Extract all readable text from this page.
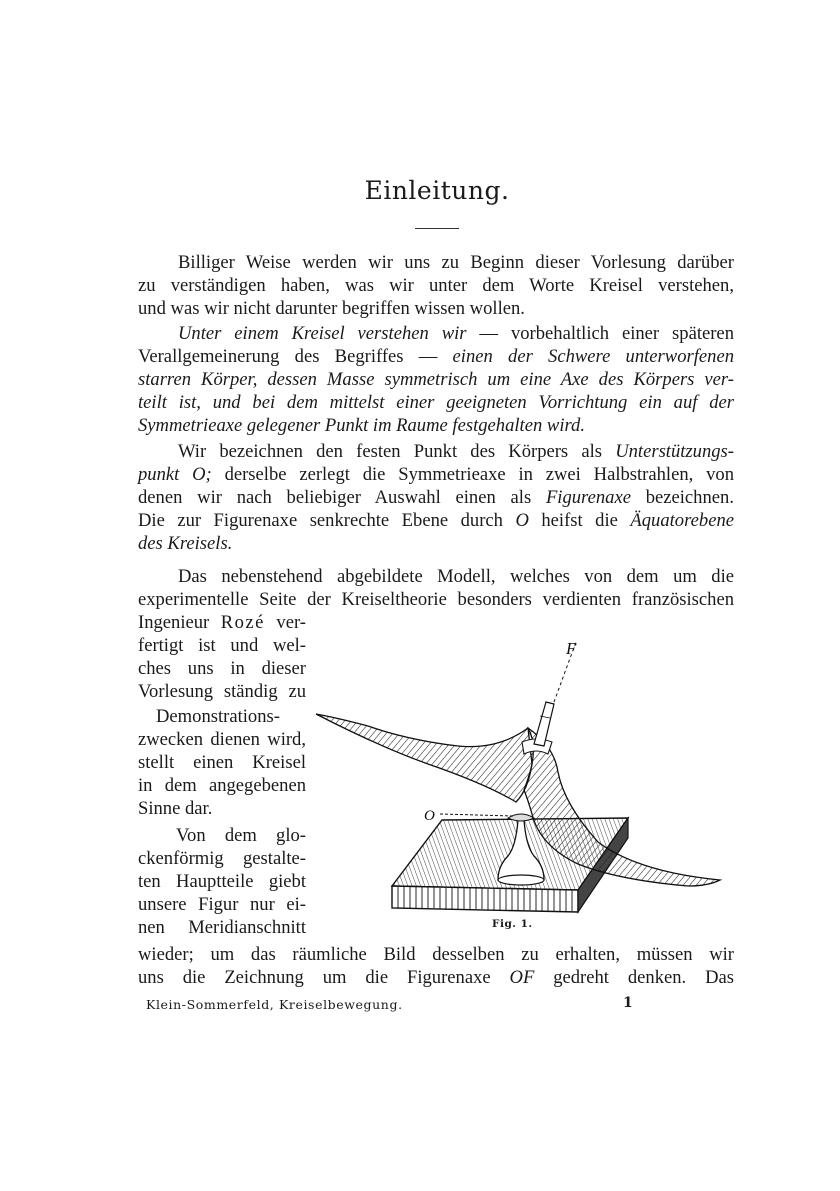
Einleitung.
Billiger Weise werden wir uns zu Beginn dieser Vorlesung darüber
zu verständigen haben, was wir unter dem Worte Kreisel verstehen,
und was wir nicht darunter begriffen wissen wollen.
Unter einem Kreisel verstehen wir — vorbehaltlich einer späteren
Verallgemeinerung des Begriffes — einen der Schwere unterworfenen
starren Körper, dessen Masse symmetrisch um eine Axe des Körpers ver-
teilt ist, und bei dem mittelst einer geeigneten Vorrichtung ein auf der
Symmetrieaxe gelegener Punkt im Raume festgehalten wird.
Wir bezeichnen den festen Punkt des Körpers als Unterstützungs-
punkt O; derselbe zerlegt die Symmetrieaxe in zwei Halbstrahlen, von
denen wir nach beliebiger Auswahl einen als Figurenaxe bezeichnen.
Die zur Figurenaxe senkrechte Ebene durch O heifst die Äquatorebene
des Kreisels.
Das nebenstehend abgebildete Modell, welches von dem um die
experimentelle Seite der Kreiseltheorie besonders verdienten französischen
Ingenieur Rozé ver-
fertigt ist und wel-
ches uns in dieser
Vorlesung ständig zu
Demonstrations-
zwecken dienen wird,
stellt einen Kreisel
in dem angegebenen
Sinne dar.
Von dem glo-
ckenförmig gestalte-
ten Hauptteile giebt
unsere Figur nur ei-
nen Meridianschnitt
wieder; um das räumliche Bild desselben zu erhalten, müssen wir
uns die Zeichnung um die Figurenaxe OF gedreht denken. Das
F
O
Fig. 1.
Klein-Sommerfeld, Kreiselbewegung.	1
